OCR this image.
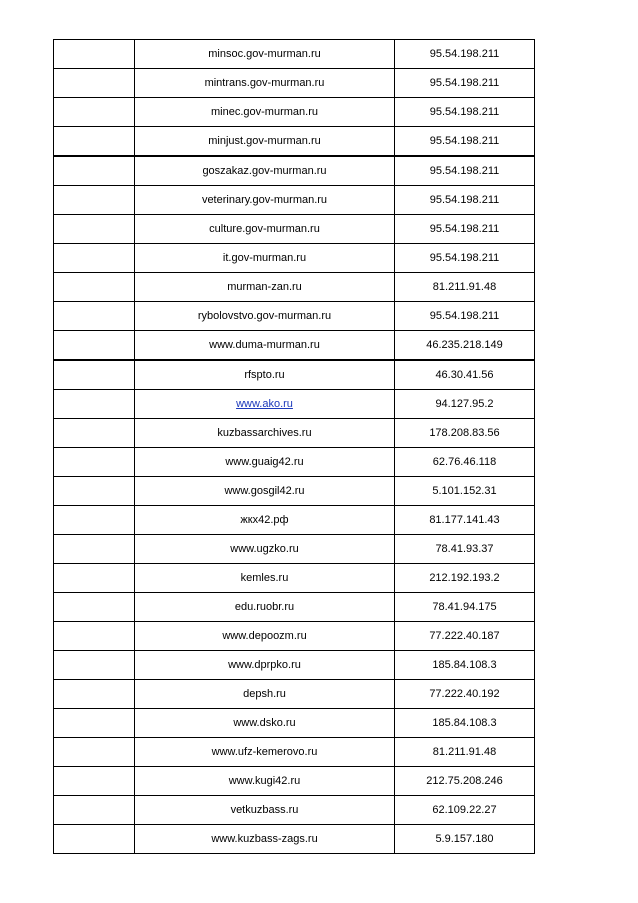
	minsoc.gov-murman.ru	95.54.198.211
	mintrans.gov-murman.ru	95.54.198.211
	minec.gov-murman.ru	95.54.198.211
	minjust.gov-murman.ru	95.54.198.211
	goszakaz.gov-murman.ru	95.54.198.211
	veterinary.gov-murman.ru	95.54.198.211
	culture.gov-murman.ru	95.54.198.211
	it.gov-murman.ru	95.54.198.211
	murman-zan.ru	81.211.91.48
	rybolovstvo.gov-murman.ru	95.54.198.211
	www.duma-murman.ru	46.235.218.149
	rfspto.ru	46.30.41.56
	www.ako.ru	94.127.95.2
	kuzbassarchives.ru	178.208.83.56
	www.guaig42.ru	62.76.46.118
	www.gosgil42.ru	5.101.152.31
	жкх42.рф	81.177.141.43
	www.ugzko.ru	78.41.93.37
	kemles.ru	212.192.193.2
	edu.ruobr.ru	78.41.94.175
	www.depoozm.ru	77.222.40.187
	www.dprpko.ru	185.84.108.3
	depsh.ru	77.222.40.192
	www.dsko.ru	185.84.108.3
	www.ufz-kemerovo.ru	81.211.91.48
	www.kugi42.ru	212.75.208.246
	vetkuzbass.ru	62.109.22.27
	www.kuzbass-zags.ru	5.9.157.180
